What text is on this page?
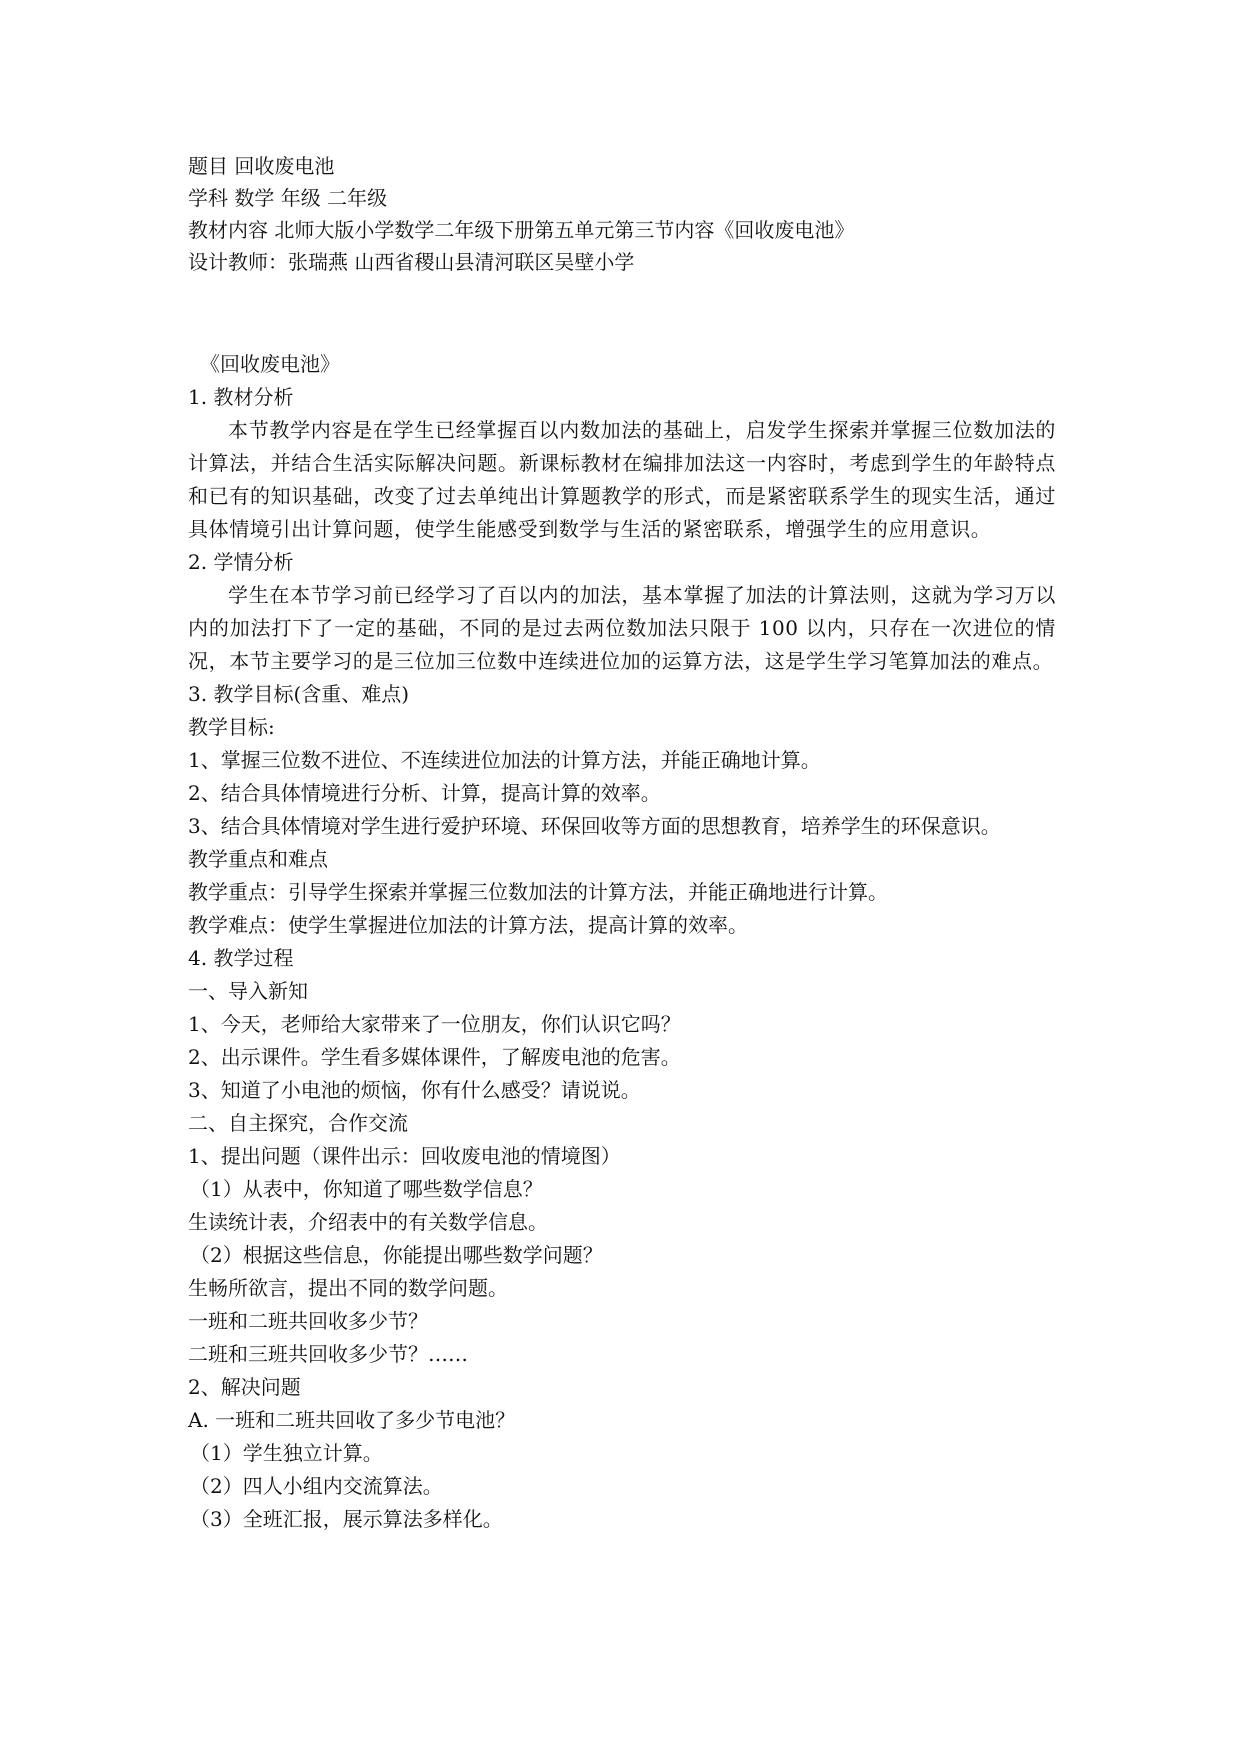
题目 回收废电池
学科 数学 年级 二年级
教材内容 北师大版小学数学二年级下册第五单元第三节内容《回收废电池》
设计教师：张瑞燕 山西省稷山县清河联区吴壁小学
《回收废电池》
1. 教材分析

本节教学内容是在学生已经掌握百以内数加法的基础上，启发学生探索并掌握三位数加法的计算法，并结合生活实际解决问题。新课标教材在编排加法这一内容时，考虑到学生的年龄特点和已有的知识基础，改变了过去单纯出计算题教学的形式，而是紧密联系学生的现实生活，通过具体情境引出计算问题，使学生能感受到数学与生活的紧密联系，增强学生的应用意识。

2. 学情分析

学生在本节学习前已经学习了百以内的加法，基本掌握了加法的计算法则，这就为学习万以内的加法打下了一定的基础，不同的是过去两位数加法只限于 100 以内，只存在一次进位的情况，本节主要学习的是三位加三位数中连续进位加的运算方法，这是学生学习笔算加法的难点。

3. 教学目标(含重、难点)
教学目标:
1、掌握三位数不进位、不连续进位加法的计算方法，并能正确地计算。
2、结合具体情境进行分析、计算，提高计算的效率。
3、结合具体情境对学生进行爱护环境、环保回收等方面的思想教育，培养学生的环保意识。
教学重点和难点
教学重点：引导学生探索并掌握三位数加法的计算方法，并能正确地进行计算。
教学难点：使学生掌握进位加法的计算方法，提高计算的效率。
4. 教学过程
一、导入新知
1、今天，老师给大家带来了一位朋友，你们认识它吗？
2、出示课件。学生看多媒体课件，了解废电池的危害。
3、知道了小电池的烦恼，你有什么感受？请说说。
二、自主探究，合作交流
1、提出问题（课件出示：回收废电池的情境图）
（1）从表中，你知道了哪些数学信息？
生读统计表，介绍表中的有关数学信息。
（2）根据这些信息，你能提出哪些数学问题？
生畅所欲言，提出不同的数学问题。
一班和二班共回收多少节？
二班和三班共回收多少节？……
2、解决问题
A. 一班和二班共回收了多少节电池？
（1）学生独立计算。
（2）四人小组内交流算法。
（3）全班汇报，展示算法多样化。
